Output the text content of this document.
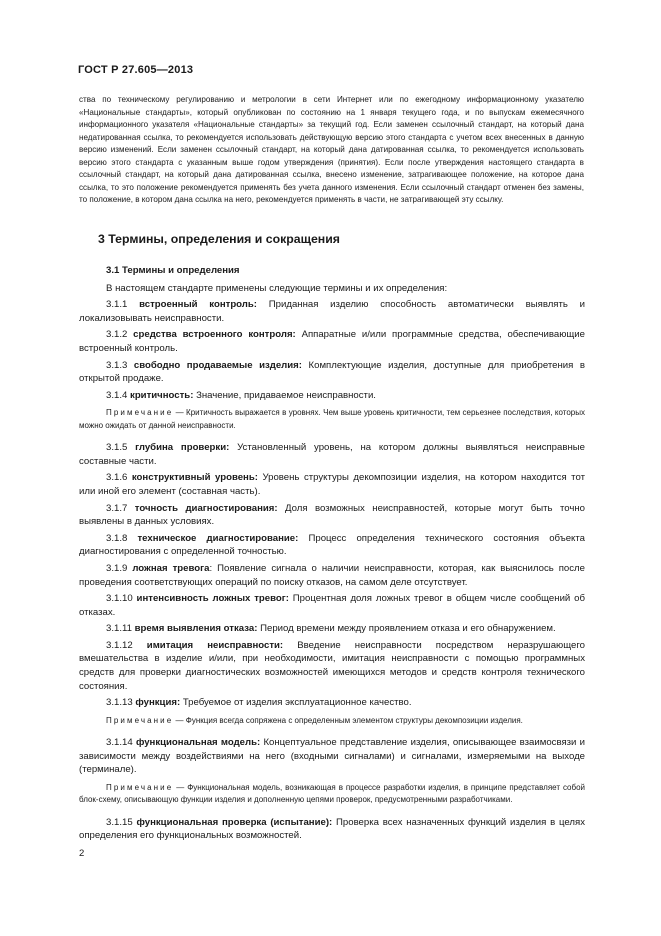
ГОСТ Р 27.605—2013

ства по техническому регулированию и метрологии в сети Интернет или по ежегодному информационному указателю «Национальные стандарты», который опубликован по состоянию на 1 января текущего года, и по выпускам ежемесячного информационного указателя «Национальные стандарты» за текущий год. Если заменен ссылочный стандарт, на который дана недатированная ссылка, то рекомендуется использовать действующую версию этого стандарта с учетом всех внесенных в данную версию изменений. Если заменен ссылочный стандарт, на который дана датированная ссылка, то рекомендуется использовать версию этого стандарта с указанным выше годом утверждения (принятия). Если после утверждения настоящего стандарта в ссылочный стандарт, на который дана датированная ссылка, внесено изменение, затрагивающее положение, на которое дана ссылка, то это положение рекомендуется применять без учета данного изменения. Если ссылочный стандарт отменен без замены, то положение, в котором дана ссылка на него, рекомендуется применять в части, не затрагивающей эту ссылку.

3 Термины, определения и сокращения

3.1 Термины и определения

В настоящем стандарте применены следующие термины и их определения:

3.1.1 встроенный контроль: Приданная изделию способность автоматически выявлять и локализовывать неисправности.

3.1.2 средства встроенного контроля: Аппаратные и/или программные средства, обеспечивающие встроенный контроль.

3.1.3 свободно продаваемые изделия: Комплектующие изделия, доступные для приобретения в открытой продаже.

3.1.4 критичность: Значение, придаваемое неисправности.

Примечание — Критичность выражается в уровнях. Чем выше уровень критичности, тем серьезнее последствия, которых можно ожидать от данной неисправности.

3.1.5 глубина проверки: Установленный уровень, на котором должны выявляться неисправные составные части.

3.1.6 конструктивный уровень: Уровень структуры декомпозиции изделия, на котором находится тот или иной его элемент (составная часть).

3.1.7 точность диагностирования: Доля возможных неисправностей, которые могут быть точно выявлены в данных условиях.

3.1.8 техническое диагностирование: Процесс определения технического состояния объекта диагностирования с определенной точностью.

3.1.9 ложная тревога: Появление сигнала о наличии неисправности, которая, как выяснилось после проведения соответствующих операций по поиску отказов, на самом деле отсутствует.

3.1.10 интенсивность ложных тревог: Процентная доля ложных тревог в общем числе сообщений об отказах.

3.1.11 время выявления отказа: Период времени между проявлением отказа и его обнаружением.

3.1.12 имитация неисправности: Введение неисправности посредством неразрушающего вмешательства в изделие и/или, при необходимости, имитация неисправности с помощью программных средств для проверки диагностических возможностей имеющихся методов и средств контроля технического состояния.

3.1.13 функция: Требуемое от изделия эксплуатационное качество.

Примечание — Функция всегда сопряжена с определенным элементом структуры декомпозиции изделия.

3.1.14 функциональная модель: Концептуальное представление изделия, описывающее взаимосвязи и зависимости между воздействиями на него (входными сигналами) и сигналами, измеряемыми на выходе (терминале).

Примечание — Функциональная модель, возникающая в процессе разработки изделия, в принципе представляет собой блок-схему, описывающую функции изделия и дополненную цепями проверок, предусмотренными разработчиками.

3.1.15 функциональная проверка (испытание): Проверка всех назначенных функций изделия в целях определения его функциональных возможностей.

2
